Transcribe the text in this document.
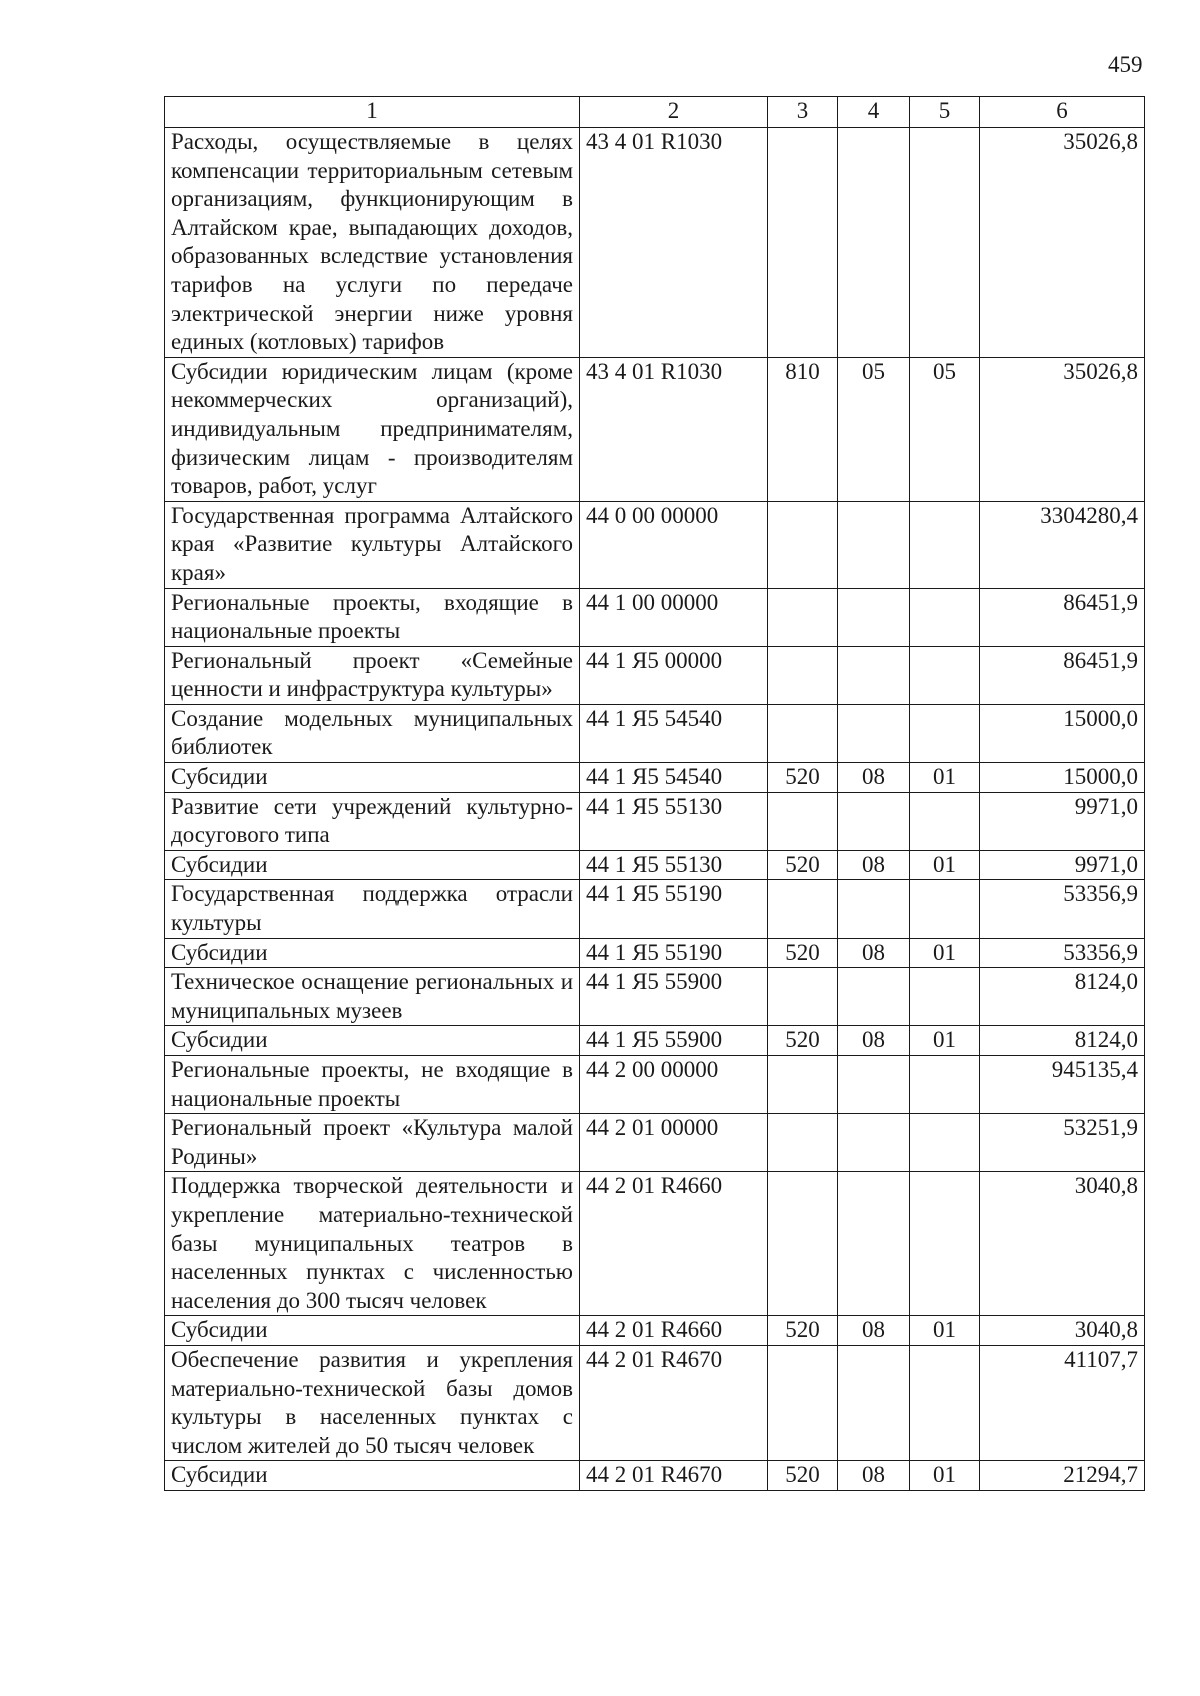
459
1	2	3	4	5	6
Расходы, осуществляемые в целях компенсации территориальным сетевым организациям, функционирующим в Алтайском крае, выпадающих доходов, образованных вследствие установления тарифов на услуги по передаче электрической энергии ниже уровня единых (котловых) тарифов	43 4 01 R1030				35026,8
Субсидии юридическим лицам (кроме некоммерческих организаций), индивидуальным предпринимателям, физическим лицам - производителям товаров, работ, услуг	43 4 01 R1030	810	05	05	35026,8
Государственная программа Алтайского края «Развитие культуры Алтайского края»	44 0 00 00000				3304280,4
Региональные проекты, входящие в национальные проекты	44 1 00 00000				86451,9
Региональный проект «Семейные ценности и инфраструктура культуры»	44 1 Я5 00000				86451,9
Создание модельных муниципальных библиотек	44 1 Я5 54540				15000,0
Субсидии	44 1 Я5 54540	520	08	01	15000,0
Развитие сети учреждений культурно-досугового типа	44 1 Я5 55130				9971,0
Субсидии	44 1 Я5 55130	520	08	01	9971,0
Государственная поддержка отрасли культуры	44 1 Я5 55190				53356,9
Субсидии	44 1 Я5 55190	520	08	01	53356,9
Техническое оснащение региональных и муниципальных музеев	44 1 Я5 55900				8124,0
Субсидии	44 1 Я5 55900	520	08	01	8124,0
Региональные проекты, не входящие в национальные проекты	44 2 00 00000				945135,4
Региональный проект «Культура малой Родины»	44 2 01 00000				53251,9
Поддержка творческой деятельности и укрепление материально-технической базы муниципальных театров в населенных пунктах с численностью населения до 300 тысяч человек	44 2 01 R4660				3040,8
Субсидии	44 2 01 R4660	520	08	01	3040,8
Обеспечение развития и укрепления материально-технической базы домов культуры в населенных пунктах с числом жителей до 50 тысяч человек	44 2 01 R4670				41107,7
Субсидии	44 2 01 R4670	520	08	01	21294,7
